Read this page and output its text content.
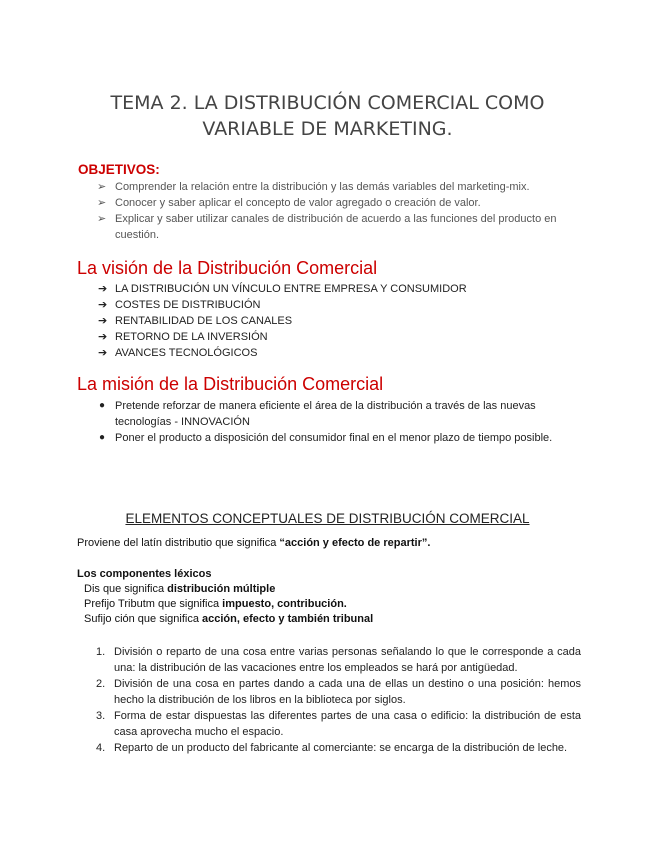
TEMA 2. LA DISTRIBUCIÓN COMERCIAL COMO
VARIABLE DE MARKETING.
OBJETIVOS:
➢ Comprender la relación entre la distribución y las demás variables del marketing-mix.
➢ Conocer y saber aplicar el concepto de valor agregado o creación de valor.
➢ Explicar y saber utilizar canales de distribución de acuerdo a las funciones del producto en cuestión.
La visión de la Distribución Comercial
➔ LA DISTRIBUCIÓN UN VÍNCULO ENTRE EMPRESA Y CONSUMIDOR
➔ COSTES DE DISTRIBUCIÓN
➔ RENTABILIDAD DE LOS CANALES
➔ RETORNO DE LA INVERSIÓN
➔ AVANCES TECNOLÓGICOS
La misión de la Distribución Comercial
● Pretende reforzar de manera eficiente el área de la distribución a través de las nuevas tecnologías - INNOVACIÓN
● Poner el producto a disposición del consumidor final en el menor plazo de tiempo posible.
ELEMENTOS CONCEPTUALES DE DISTRIBUCIÓN COMERCIAL
Proviene del latín distributio que significa “acción y efecto de repartir”.
Los componentes léxicos
Dis que significa distribución múltiple
Prefijo Tributm que significa impuesto, contribución.
Sufijo ción que significa acción, efecto y también tribunal
1. División o reparto de una cosa entre varias personas señalando lo que le corresponde a cada una: la distribución de las vacaciones entre los empleados se hará por antigüedad.
2. División de una cosa en partes dando a cada una de ellas un destino o una posición: hemos hecho la distribución de los libros en la biblioteca por siglos.
3. Forma de estar dispuestas las diferentes partes de una casa o edificio: la distribución de esta casa aprovecha mucho el espacio.
4. Reparto de un producto del fabricante al comerciante: se encarga de la distribución de leche.
